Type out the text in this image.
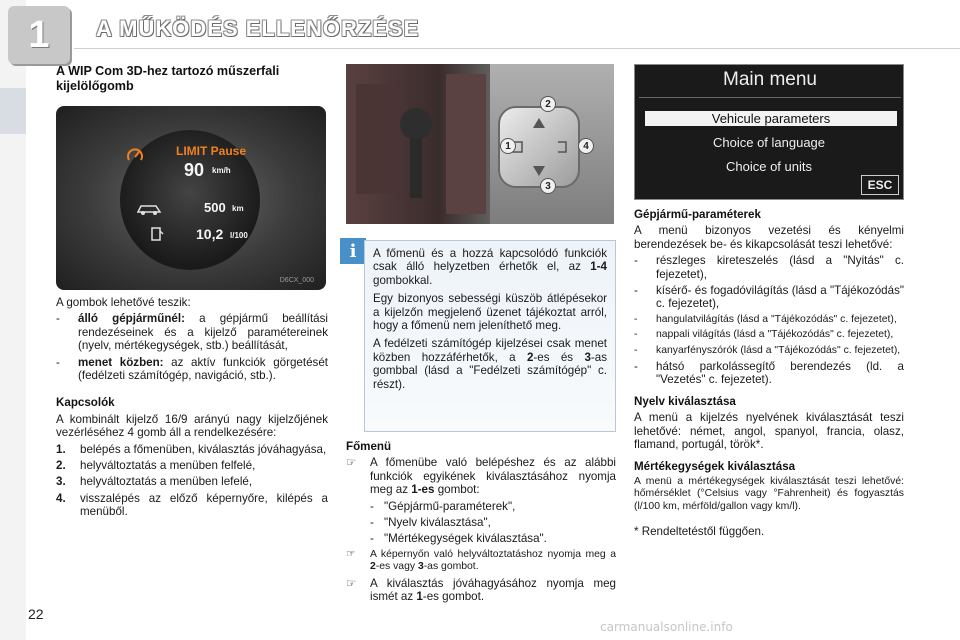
1	A MŰKÖDÉS ELLENŐRZÉSE
A WIP Com 3D-hez tartozó műszerfali kijelölőgomb
LIMIT Pause
90 km/h
500 km
10,2 l/100
D6CX_000
A gombok lehetővé teszik:
-	álló gépjárműnél: a gépjármű beállítási rendezéseinek és a kijelző paramétereinek (nyelv, mértékegységek, stb.) beállítását,
-	menet közben: az aktív funkciók görgetését (fedélzeti számítógép, navigáció, stb.).
Kapcsolók
A kombinált kijelző 16/9 arányú nagy kijelzőjének vezérléséhez 4 gomb áll a rendelkezésére:
1.	belépés a főmenüben, kiválasztás jóváhagyása,
2.	helyváltoztatás a menüben felfelé,
3.	helyváltoztatás a menüben lefelé,
4.	visszalépés az előző képernyőre, kilépés a menüből.
2
1	4
3
i	A főmenü és a hozzá kapcsolódó funkciók csak álló helyzetben érhetők el, az 1-4 gombokkal.

Egy bizonyos sebességi küszöb átlépésekor a kijelzőn megjelenő üzenet tájékoztat arról, hogy a főmenü nem jeleníthető meg.

A fedélzeti számítógép kijelzései csak menet közben hozzáférhetők, a 2-es és 3-as gombbal (lásd a "Fedélzeti számítógép" c. részt).

Főmenü
☞	A főmenübe való belépéshez és az alábbi funkciók egyikének kiválasztásához nyomja meg az 1-es gombot:
- "Gépjármű-paraméterek",
- "Nyelv kiválasztása",
- "Mértékegységek kiválasztása".
☞	A képernyőn való helyváltoztatáshoz nyomja meg a 2-es vagy 3-as gombot.
☞	A kiválasztás jóváhagyásához nyomja meg ismét az 1-es gombot.
Main menu
Vehicule parameters
Choice of language
Choice of units
ESC
Gépjármű-paraméterek
A menü bizonyos vezetési és kényelmi berendezések be- és kikapcsolását teszi lehetővé:
-	részleges kireteszelés (lásd a "Nyitás" c. fejezetet),
-	kísérő- és fogadóvilágítás (lásd a "Tájékozódás" c. fejezetet),
-	hangulatvilágítás (lásd a "Tájékozódás" c. fejezetet),
-	nappali világítás (lásd a "Tájékozódás" c. fejezetet),
-	kanyarfényszórók (lásd a "Tájékozódás" c. fejezetet),
-	hátsó parkolássegítő berendezés (ld. a "Vezetés" c. fejezetet).
Nyelv kiválasztása
A menü a kijelzés nyelvének kiválasztását teszi lehetővé: német, angol, spanyol, francia, olasz, flamand, portugál, török*.
Mértékegységek kiválasztása
A menü a mértékegységek kiválasztását teszi lehetővé: hőmérséklet (°Celsius vagy °Fahrenheit) és fogyasztás (l/100 km, mérföld/gallon vagy km/l).
* Rendeltetéstől függően.
22
carmanualsonline.info
